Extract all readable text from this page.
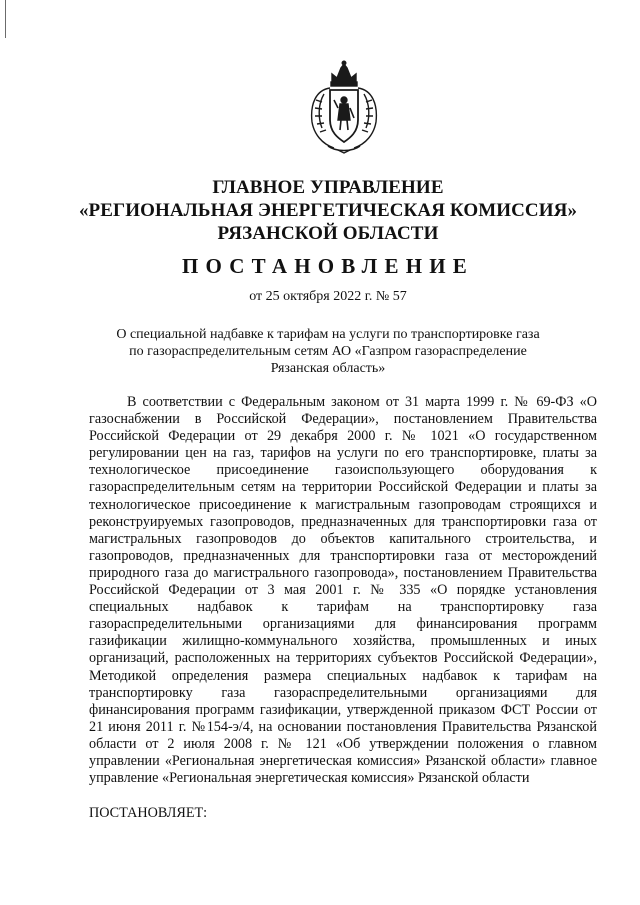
ГЛАВНОЕ УПРАВЛЕНИЕ
«РЕГИОНАЛЬНАЯ ЭНЕРГЕТИЧЕСКАЯ КОМИССИЯ»
РЯЗАНСКОЙ ОБЛАСТИ
ПОСТАНОВЛЕНИЕ
от 25 октября 2022 г. № 57
О специальной надбавке к тарифам на услуги по транспортировке газа
по газораспределительным сетям АО «Газпром газораспределение
Рязанская область»

В соответствии с Федеральным законом от 31 марта 1999 г. № 69-ФЗ «О газоснабжении в Российской Федерации», постановлением Правительства Российской Федерации от 29 декабря 2000 г. № 1021 «О государственном регулировании цен на газ, тарифов на услуги по его транспортировке, платы за технологическое присоединение газоиспользующего оборудования к газораспределительным сетям на территории Российской Федерации и платы за технологическое присоединение к магистральным газопроводам строящихся и реконструируемых газопроводов, предназначенных для транспортировки газа от магистральных газопроводов до объектов капитального строительства, и газопроводов, предназначенных для транспортировки газа от месторождений природного газа до магистрального газопровода», постановлением Правительства Российской Федерации от 3 мая 2001 г. № 335 «О порядке установления специальных надбавок к тарифам на транспортировку газа газораспределительными организациями для финансирования программ газификации жилищно-коммунального хозяйства, промышленных и иных организаций, расположенных на территориях субъектов Российской Федерации», Методикой определения размера специальных надбавок к тарифам на транспортировку газа газораспределительными организациями для финансирования программ газификации, утвержденной приказом ФСТ России от 21 июня 2011 г. №154-э/4, на основании постановления Правительства Рязанской области от 2 июля 2008 г. № 121 «Об утверждении положения о главном управлении «Региональная энергетическая комиссия» Рязанской области» главное управление «Региональная энергетическая комиссия» Рязанской области

ПОСТАНОВЛЯЕТ:
